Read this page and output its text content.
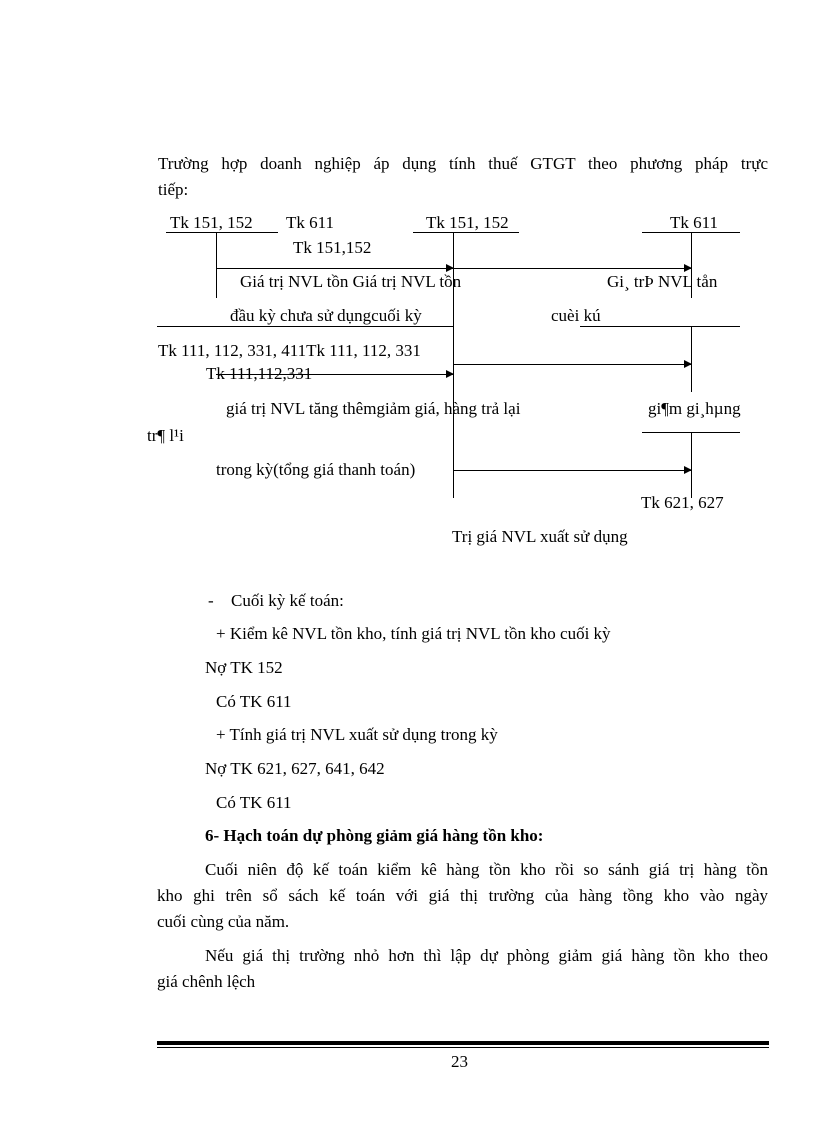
Trường hợp doanh nghiệp áp dụng tính thuế GTGT theo phương pháp trực
tiếp:
Tk 151, 152 Tk 611	Tk 151, 152	Tk 611
Tk 151,152
Giá trị NVL tồn Giá trị NVL tồn	Gi¸ trÞ NVL tån
đầu kỳ chưa sử dụngcuối kỳ	cuèi kú
Tk 111, 112, 331, 411Tk 111, 112, 331
Tk 111,112,331
giá trị NVL tăng thêmgiảm giá, hàng trả lại	gi¶m gi¸hµng
tr¶ l¹i
trong kỳ(tổng giá thanh toán)
Tk 621, 627
Trị giá NVL xuất sử dụng
- Cuối kỳ kế toán:
+ Kiểm kê NVL tồn kho, tính giá trị NVL tồn kho cuối kỳ
Nợ TK 152
Có TK 611
+ Tính giá trị NVL xuất sử dụng trong kỳ
Nợ TK 621, 627, 641, 642
Có TK 611
6- Hạch toán dự phòng giảm giá hàng tồn kho:
Cuối niên độ kế toán kiểm kê hàng tồn kho rồi so sánh giá trị hàng tồn
kho ghi trên sổ sách kế toán với giá thị trường của hàng tồng kho vào ngày
cuối cùng của năm.
Nếu giá thị trường nhỏ hơn thì lập dự phòng giảm giá hàng tồn kho theo
giá chênh lệch
23
